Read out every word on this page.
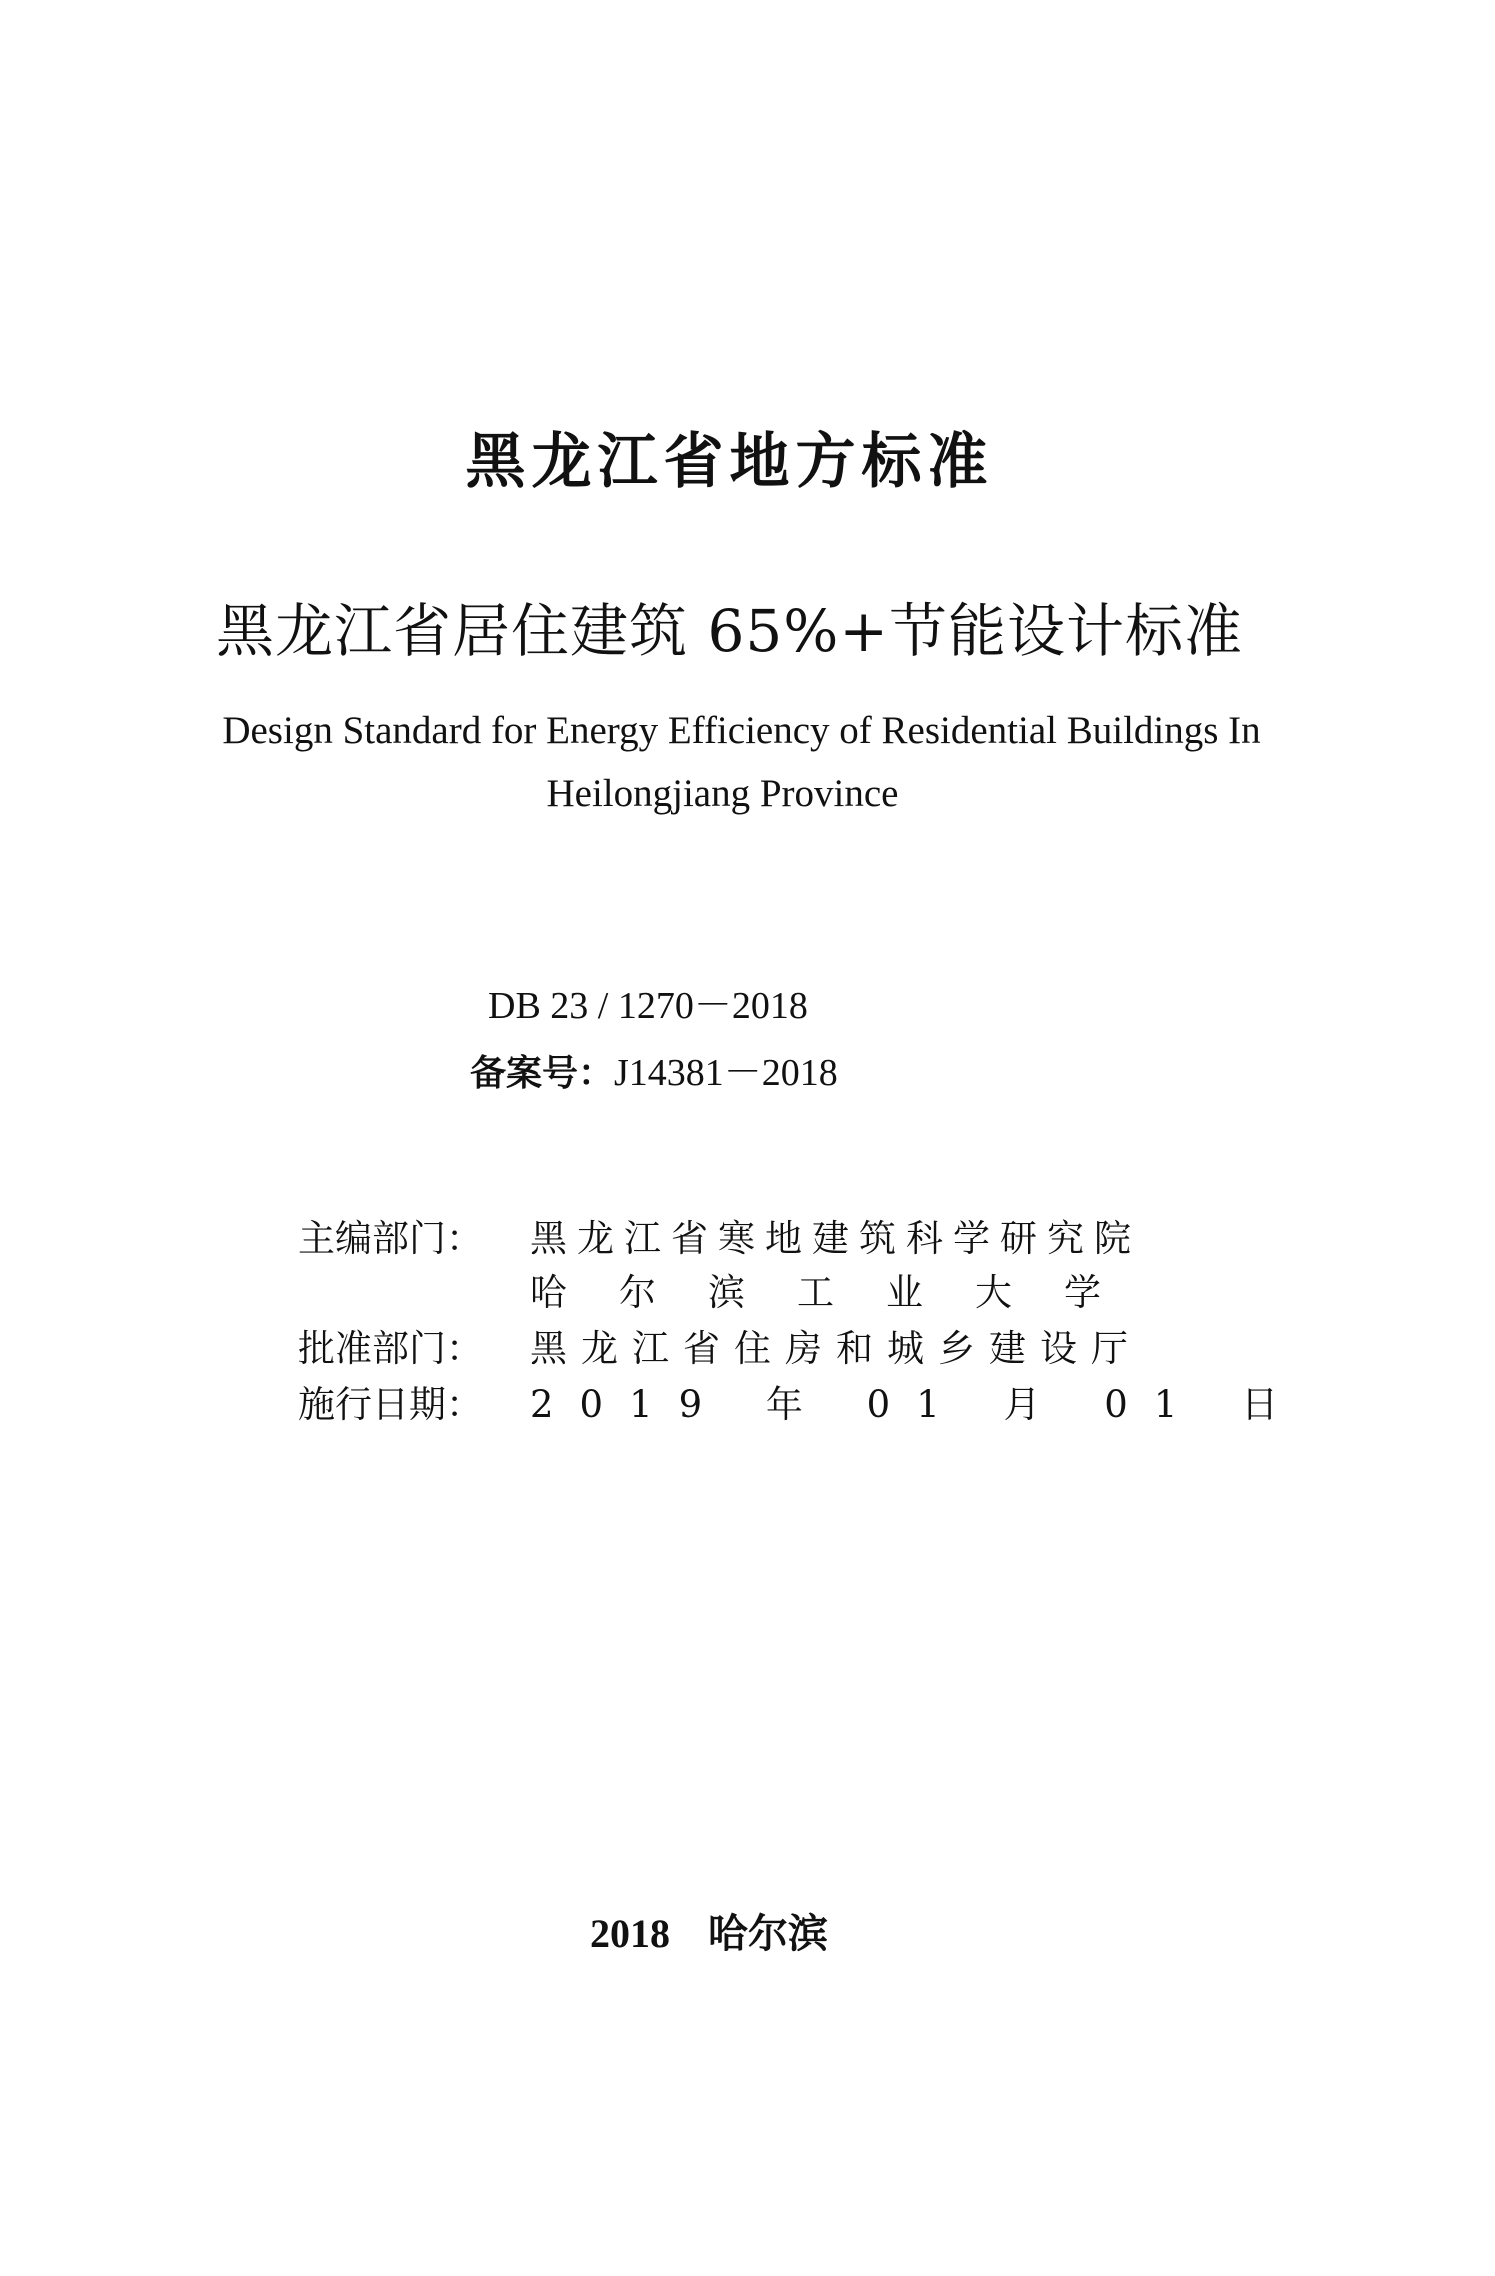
黑龙江省地方标准
黑龙江省居住建筑 65%+节能设计标准
Design Standard for Energy Efficiency of Residential Buildings In
Heilongjiang Province
DB 23 / 1270－2018
备案号：J14381－2018
主编部门： 黑龙江省寒地建筑科学研究院
哈尔滨工业大学
批准部门： 黑龙江省住房和城乡建设厅
施行日期： 2019 年 01 月 01 日
2018 哈尔滨
